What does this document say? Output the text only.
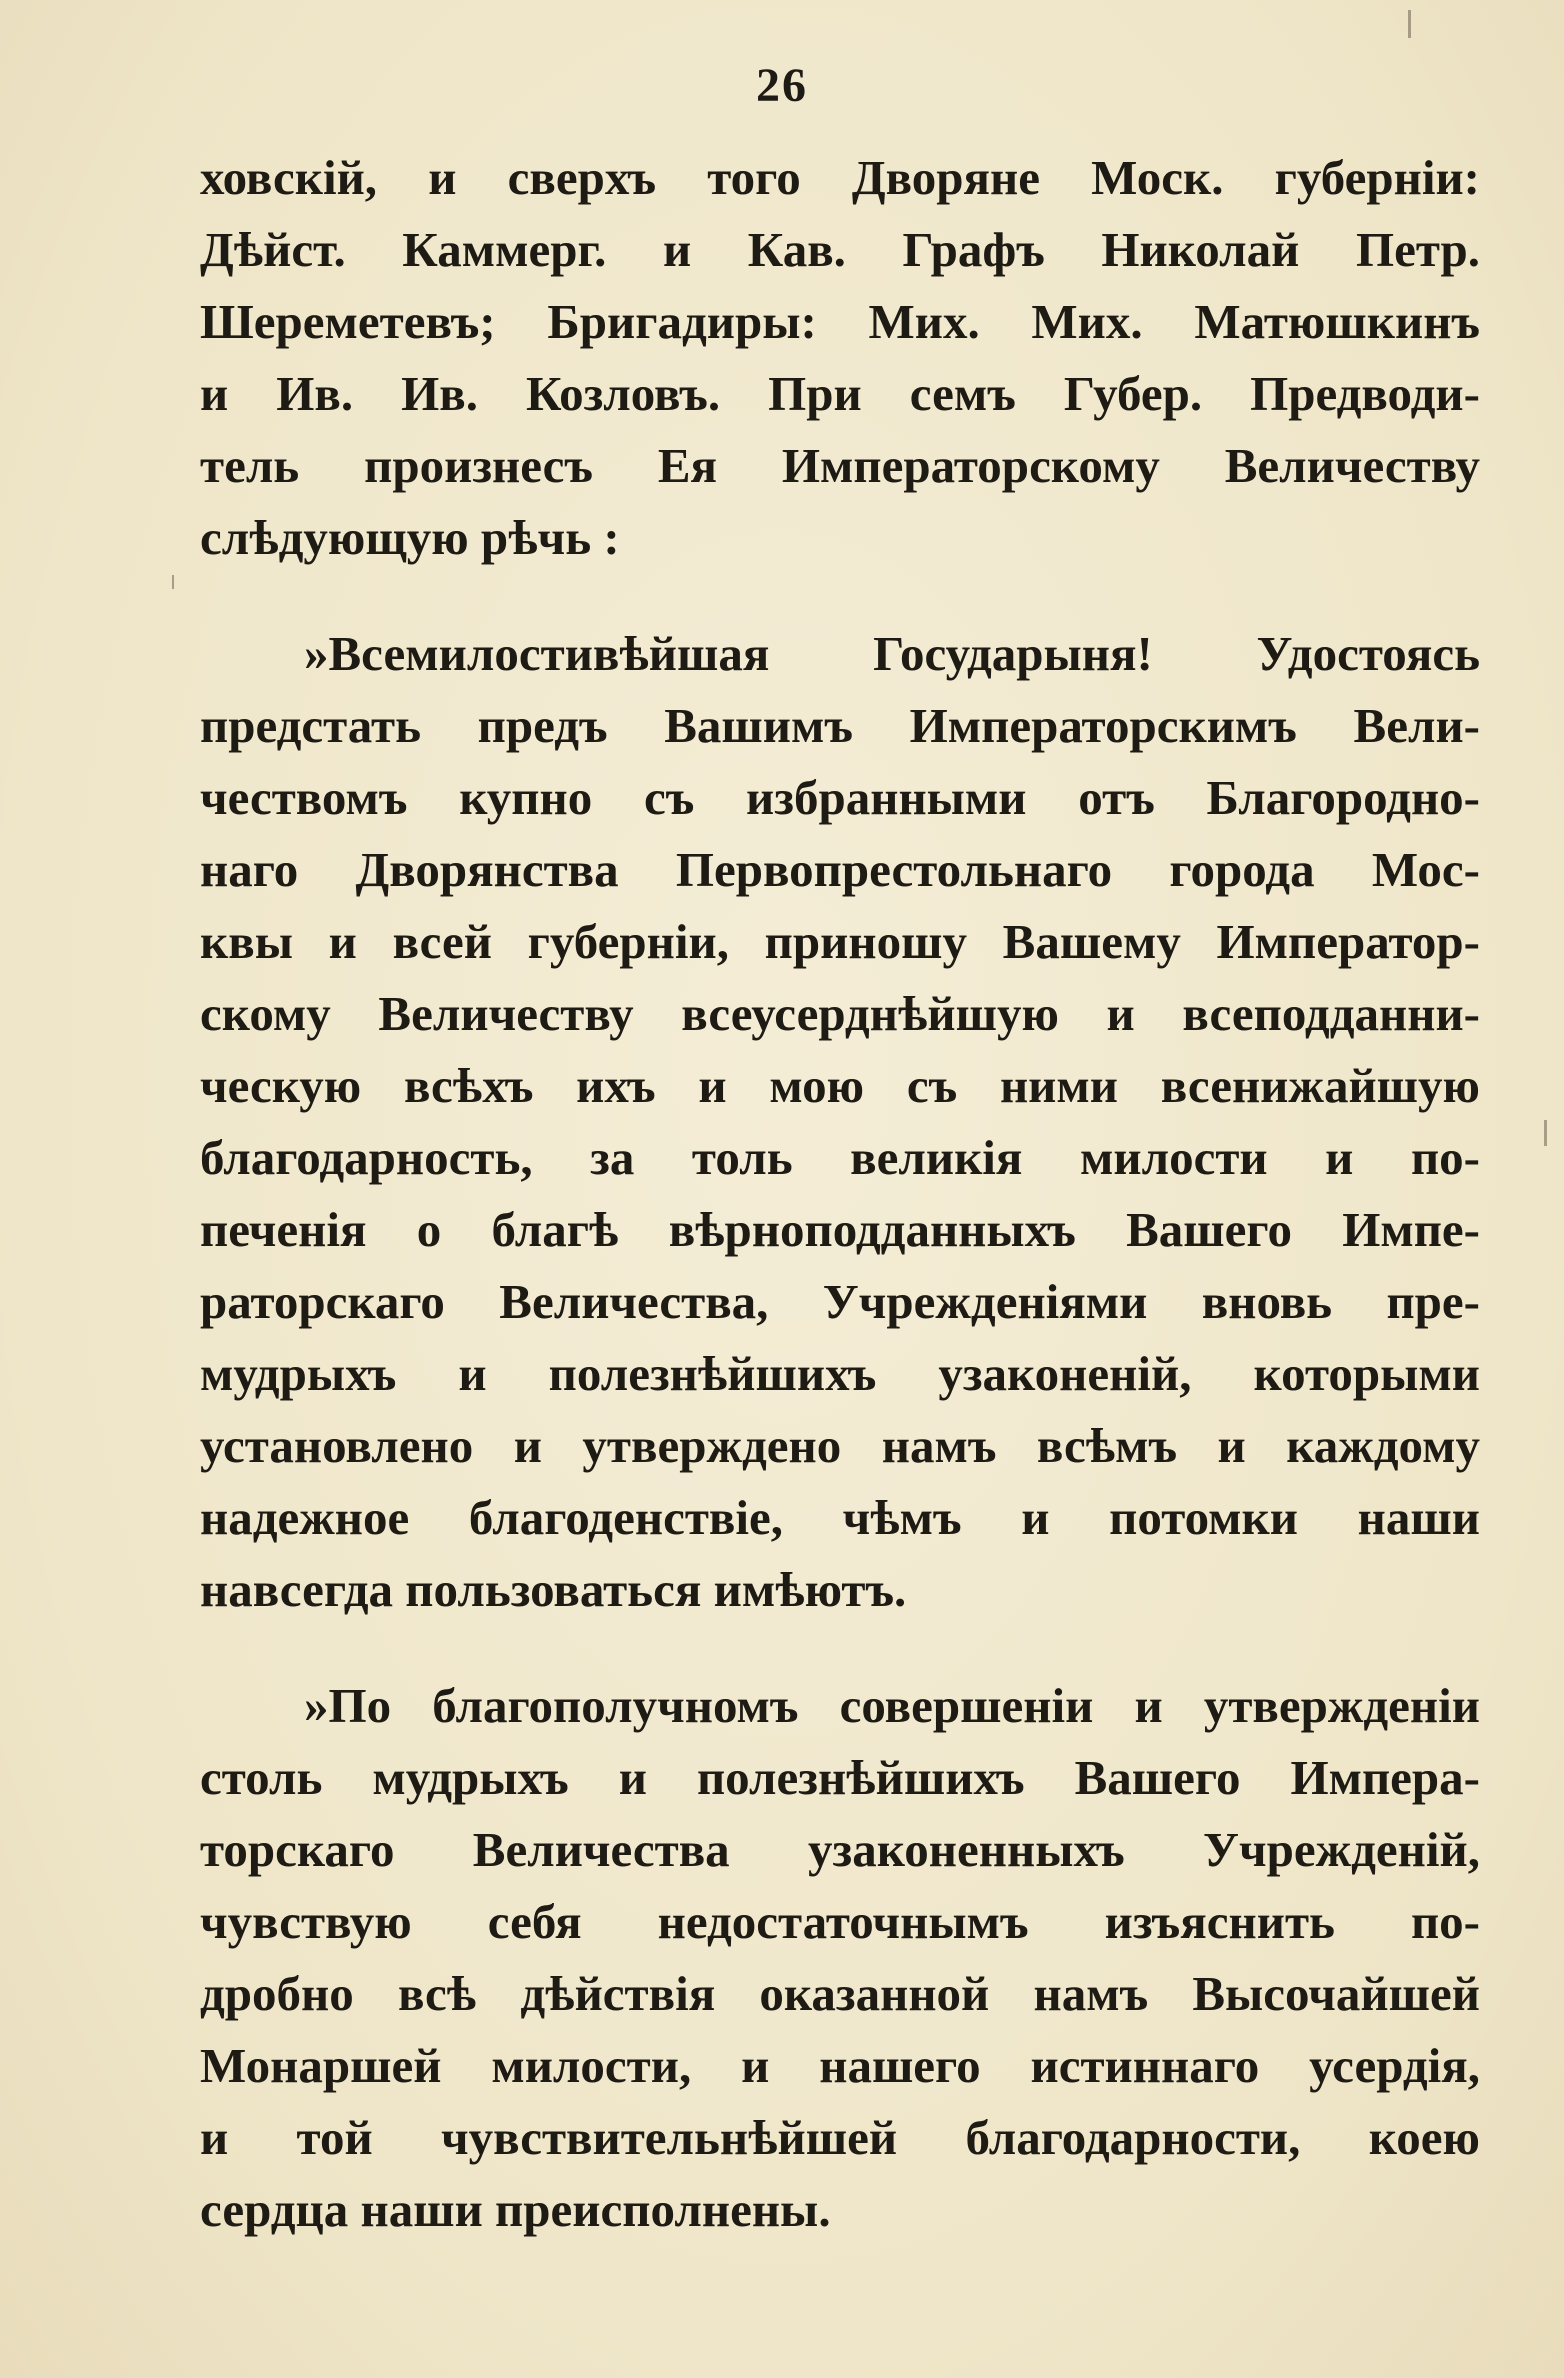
26
ховскій, и сверхъ того Дворяне Моск. губерніи:
Дѣйст. Каммерг. и Кав. Графъ Николай Петр.
Шереметевъ; Бригадиры: Мих. Мих. Матюшкинъ
и Ив. Ив. Козловъ. При семъ Губер. Предводи-
тель произнесъ Ея Императорскому Величеству
слѣдующую рѣчь :
»Всемилостивѣйшая Государыня! Удостоясь
предстать предъ Вашимъ Императорскимъ Вели-
чествомъ купно съ избранными отъ Благородно-
наго Дворянства Первопрестольнаго города Мос-
квы и всей губерніи, приношу Вашему Император-
скому Величеству всеусерднѣйшую и всеподданни-
ческую всѣхъ ихъ и мою съ ними всенижайшую
благодарность, за толь великія милости и по-
печенія о благѣ вѣрноподданныхъ Вашего Импе-
раторскаго Величества, Учрежденіями вновь пре-
мудрыхъ и полезнѣйшихъ узаконеній, которыми
установлено и утверждено намъ всѣмъ и каждому
надежное благоденствіе, чѣмъ и потомки наши
навсегда пользоваться имѣютъ.
»По благополучномъ совершеніи и утвержденіи
столь мудрыхъ и полезнѣйшихъ Вашего Импера-
торскаго Величества узаконенныхъ Учрежденій,
чувствую себя недостаточнымъ изъяснить по-
дробно всѣ дѣйствія оказанной намъ Высочайшей
Монаршей милости, и нашего истиннаго усердія,
и той чувствительнѣйшей благодарности, коею
сердца наши преисполнены.
